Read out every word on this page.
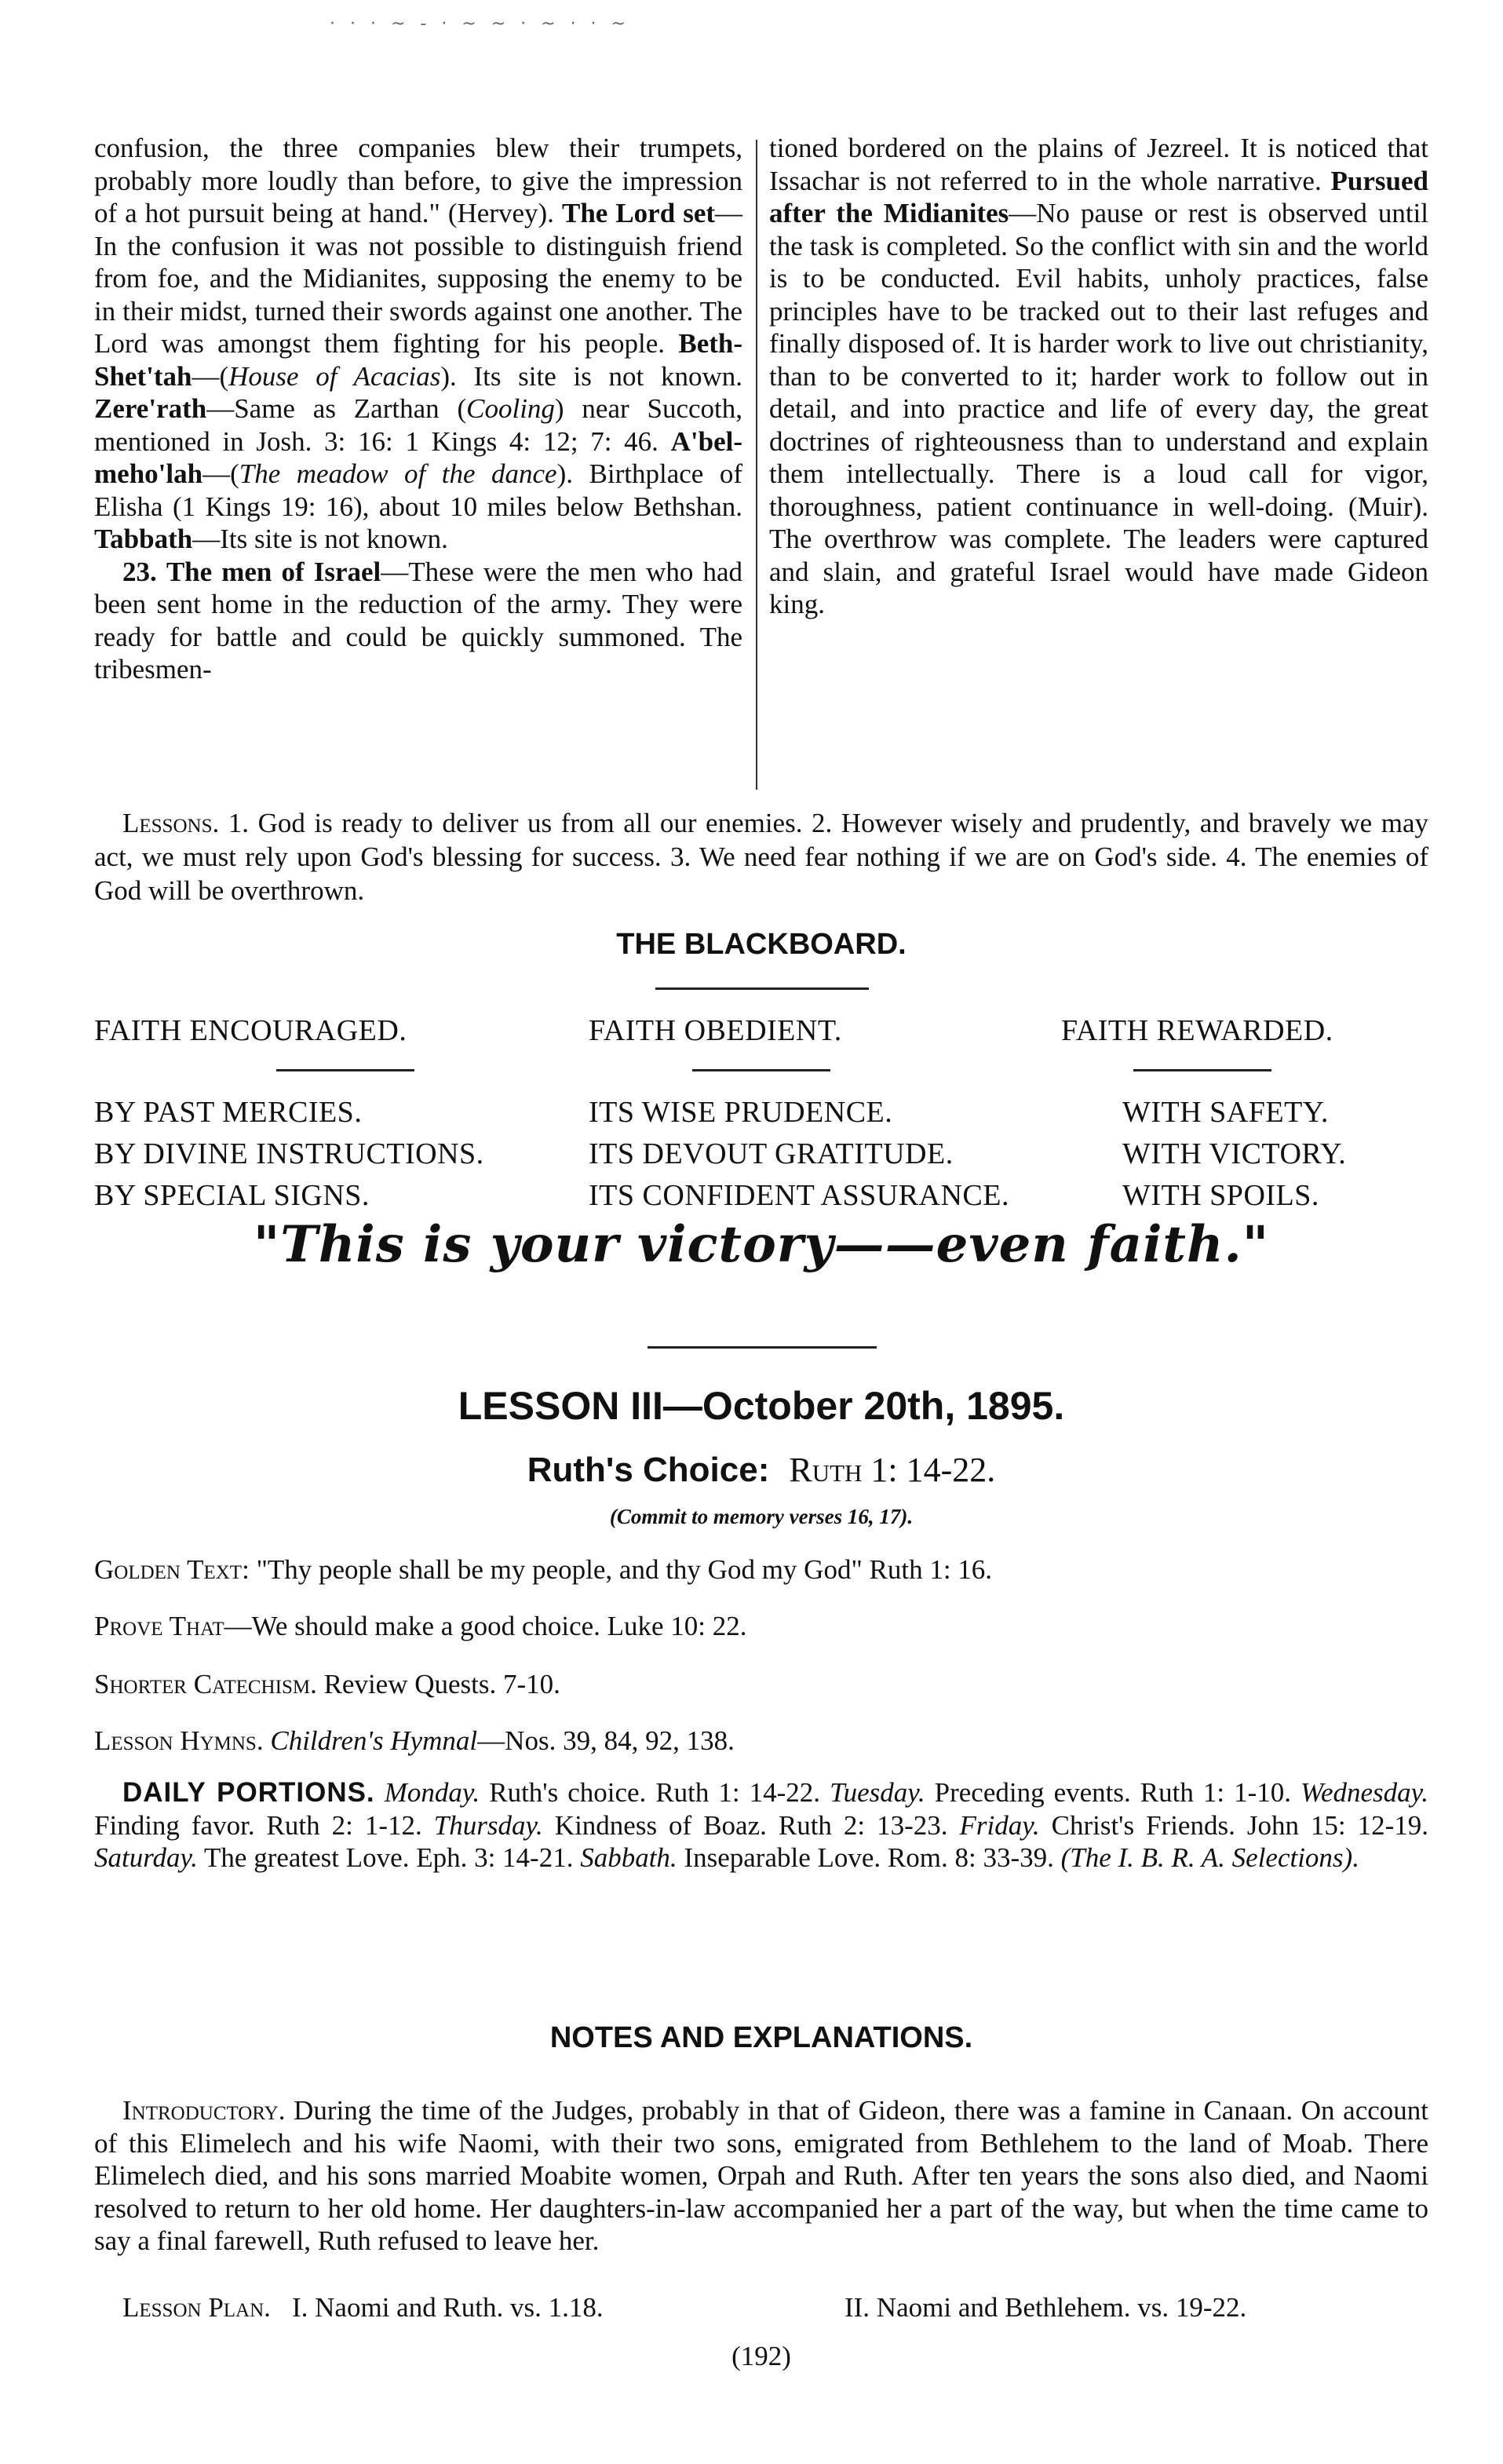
· · · ~ ‑ · ~ ~ · ~ · · ~

confusion, the three companies blew their trumpets, probably more loudly than before, to give the impression of a hot pursuit being at hand." (Hervey). The Lord set—In the confusion it was not possible to distinguish friend from foe, and the Midianites, supposing the enemy to be in their midst, turned their swords against one another. The Lord was amongst them fighting for his people. Beth-Shet'tah—(House of Acacias). Its site is not known. Zere'rath—Same as Zarthan (Cooling) near Succoth, mentioned in Josh. 3: 16: 1 Kings 4: 12; 7: 46. A'bel-meho'lah—(The meadow of the dance). Birthplace of Elisha (1 Kings 19: 16), about 10 miles below Bethshan. Tabbath—Its site is not known.

23. The men of Israel—These were the men who had been sent home in the reduction of the army. They were ready for battle and could be quickly summoned. The tribesmen-

tioned bordered on the plains of Jezreel. It is noticed that Issachar is not referred to in the whole narrative. Pursued after the Midianites—No pause or rest is observed until the task is completed. So the conflict with sin and the world is to be conducted. Evil habits, unholy practices, false principles have to be tracked out to their last refuges and finally disposed of. It is harder work to live out christianity, than to be converted to it; harder work to follow out in detail, and into practice and life of every day, the great doctrines of righteousness than to understand and explain them intellectually. There is a loud call for vigor, thoroughness, patient continuance in well-doing. (Muir). The overthrow was complete. The leaders were captured and slain, and grateful Israel would have made Gideon king.

Lessons. 1. God is ready to deliver us from all our enemies. 2. However wisely and prudently, and bravely we may act, we must rely upon God's blessing for success. 3. We need fear nothing if we are on God's side. 4. The enemies of God will be overthrown.
THE BLACKBOARD.
FAITH ENCOURAGED.	FAITH OBEDIENT.	FAITH REWARDED.
BY PAST MERCIES.	ITS WISE PRUDENCE.	WITH SAFETY.
BY DIVINE INSTRUCTIONS.	ITS DEVOUT GRATITUDE.	WITH VICTORY.
BY SPECIAL SIGNS.	ITS CONFIDENT ASSURANCE.	WITH SPOILS.
"This is your victory——even faith."
LESSON III—October 20th, 1895.
Ruth's Choice: Ruth 1: 14-22.
(Commit to memory verses 16, 17).
Golden Text: "Thy people shall be my people, and thy God my God" Ruth 1: 16.
Prove That—We should make a good choice. Luke 10: 22.
Shorter Catechism. Review Quests. 7-10.
Lesson Hymns. Children's Hymnal—Nos. 39, 84, 92, 138.
DAILY PORTIONS. Monday. Ruth's choice. Ruth 1: 14-22. Tuesday. Preceding events. Ruth 1: 1-10. Wednesday. Finding favor. Ruth 2: 1-12. Thursday. Kindness of Boaz. Ruth 2: 13-23. Friday. Christ's Friends. John 15: 12-19. Saturday. The greatest Love. Eph. 3: 14-21. Sabbath. Inseparable Love. Rom. 8: 33-39. (The I. B. R. A. Selections).
NOTES AND EXPLANATIONS.
Introductory. During the time of the Judges, probably in that of Gideon, there was a famine in Canaan. On account of this Elimelech and his wife Naomi, with their two sons, emigrated from Bethlehem to the land of Moab. There Elimelech died, and his sons married Moabite women, Orpah and Ruth. After ten years the sons also died, and Naomi resolved to return to her old home. Her daughters-in-law accompanied her a part of the way, but when the time came to say a final farewell, Ruth refused to leave her.
Lesson Plan. I. Naomi and Ruth. vs. 1.18.	II. Naomi and Bethlehem. vs. 19-22.
(192)
